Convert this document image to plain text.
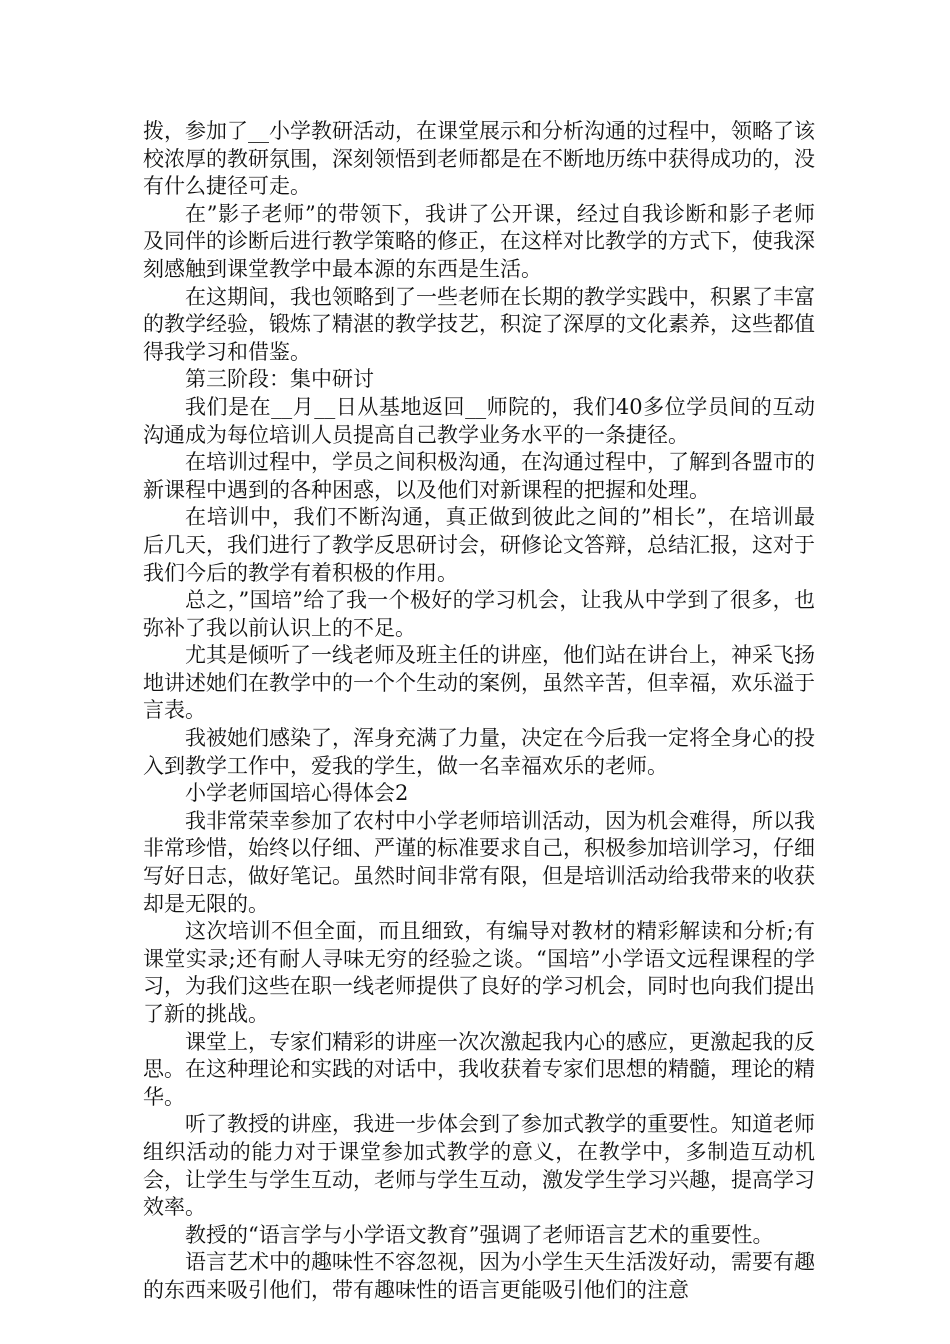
拨，参加了__小学教研活动，在课堂展示和分析沟通的过程中，领略了该校浓厚的教研氛围，深刻领悟到老师都是在不断地历练中获得成功的，没有什么捷径可走。

在”影子老师”的带领下，我讲了公开课，经过自我诊断和影子老师及同伴的诊断后进行教学策略的修正，在这样对比教学的方式下，使我深刻感触到课堂教学中最本源的东西是生活。

在这期间，我也领略到了一些老师在长期的教学实践中，积累了丰富的教学经验，锻炼了精湛的教学技艺，积淀了深厚的文化素养，这些都值得我学习和借鉴。

第三阶段：集中研讨

我们是在__月__日从基地返回__师院的，我们40多位学员间的互动沟通成为每位培训人员提高自己教学业务水平的一条捷径。

在培训过程中，学员之间积极沟通，在沟通过程中，了解到各盟市的新课程中遇到的各种困惑，以及他们对新课程的把握和处理。

在培训中，我们不断沟通，真正做到彼此之间的”相长”，在培训最后几天，我们进行了教学反思研讨会，研修论文答辩，总结汇报，这对于我们今后的教学有着积极的作用。

总之，”国培”给了我一个极好的学习机会，让我从中学到了很多，也弥补了我以前认识上的不足。

尤其是倾听了一线老师及班主任的讲座，他们站在讲台上，神采飞扬地讲述她们在教学中的一个个生动的案例，虽然辛苦，但幸福，欢乐溢于言表。

我被她们感染了，浑身充满了力量，决定在今后我一定将全身心的投入到教学工作中，爱我的学生，做一名幸福欢乐的老师。

小学老师国培心得体会2

我非常荣幸参加了农村中小学老师培训活动，因为机会难得，所以我非常珍惜，始终以仔细、严谨的标准要求自己，积极参加培训学习，仔细写好日志，做好笔记。虽然时间非常有限，但是培训活动给我带来的收获却是无限的。

这次培训不但全面，而且细致，有编导对教材的精彩解读和分析;有课堂实录;还有耐人寻味无穷的经验之谈。“国培”小学语文远程课程的学习，为我们这些在职一线老师提供了良好的学习机会，同时也向我们提出了新的挑战。

课堂上，专家们精彩的讲座一次次激起我内心的感应，更激起我的反思。在这种理论和实践的对话中，我收获着专家们思想的精髓，理论的精华。

听了教授的讲座，我进一步体会到了参加式教学的重要性。知道老师组织活动的能力对于课堂参加式教学的意义，在教学中，多制造互动机会，让学生与学生互动，老师与学生互动，激发学生学习兴趣，提高学习效率。

教授的“语言学与小学语文教育”强调了老师语言艺术的重要性。

语言艺术中的趣味性不容忽视，因为小学生天生活泼好动，需要有趣的东西来吸引他们，带有趣味性的语言更能吸引他们的注意
